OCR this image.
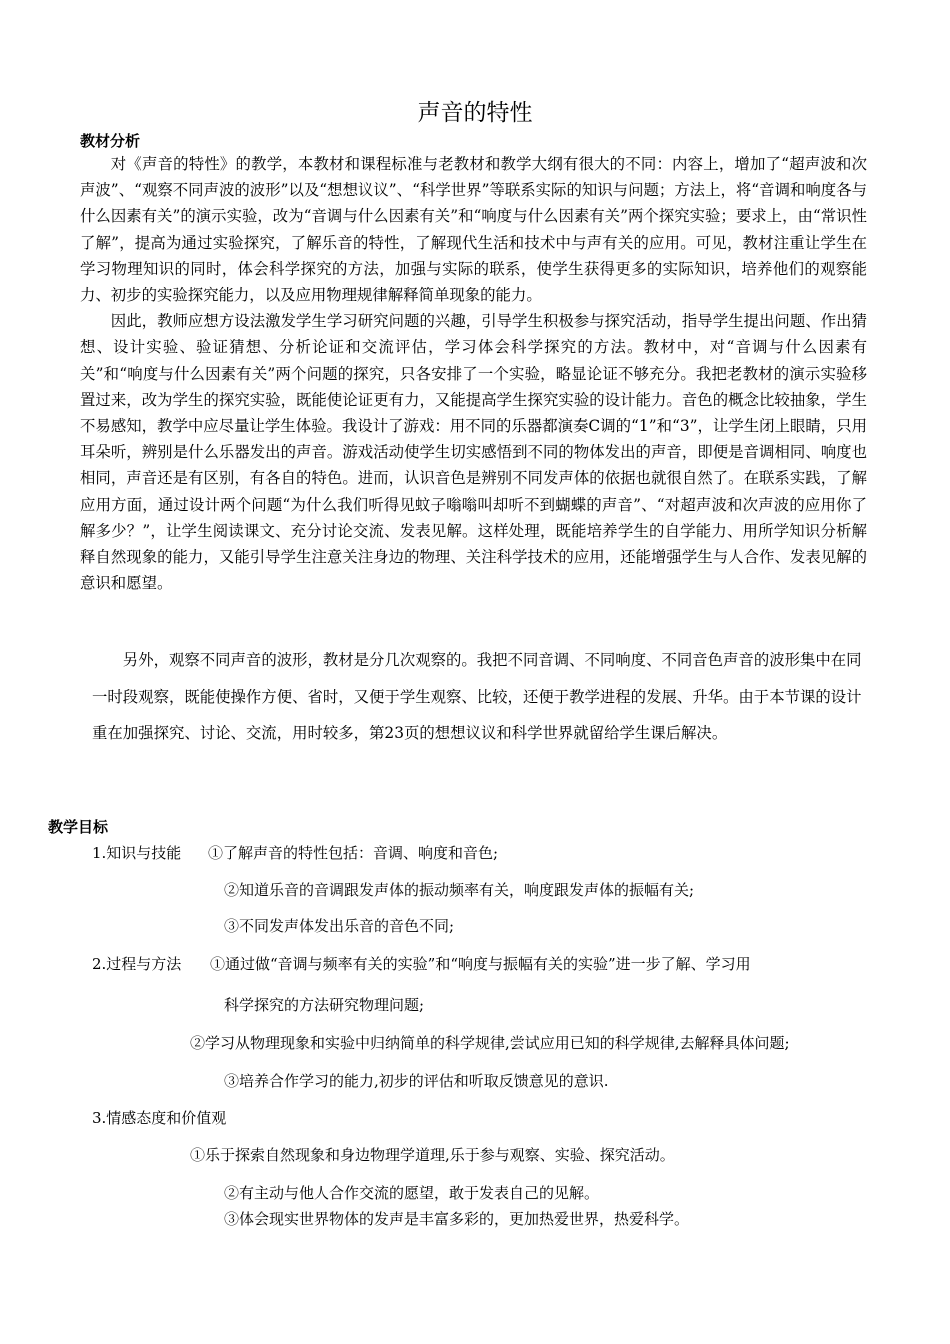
声音的特性
教材分析

对《声音的特性》的教学，本教材和课程标准与老教材和教学大纲有很大的不同：内容上，增加了“超声波和次声波”、“观察不同声波的波形”以及“想想议议”、“科学世界”等联系实际的知识与问题；方法上，将“音调和响度各与什么因素有关”的演示实验，改为“音调与什么因素有关”和“响度与什么因素有关”两个探究实验；要求上，由“常识性了解”，提高为通过实验探究，了解乐音的特性，了解现代生活和技术中与声有关的应用。可见，教材注重让学生在学习物理知识的同时，体会科学探究的方法，加强与实际的联系，使学生获得更多的实际知识，培养他们的观察能力、初步的实验探究能力，以及应用物理规律解释简单现象的能力。

因此，教师应想方设法激发学生学习研究问题的兴趣，引导学生积极参与探究活动，指导学生提出问题、作出猜想、设计实验、验证猜想、分析论证和交流评估，学习体会科学探究的方法。教材中，对“音调与什么因素有关”和“响度与什么因素有关”两个问题的探究，只各安排了一个实验，略显论证不够充分。我把老教材的演示实验移置过来，改为学生的探究实验，既能使论证更有力，又能提高学生探究实验的设计能力。音色的概念比较抽象，学生不易感知，教学中应尽量让学生体验。我设计了游戏：用不同的乐器都演奏C调的“1”和“3”，让学生闭上眼睛，只用耳朵听，辨别是什么乐器发出的声音。游戏活动使学生切实感悟到不同的物体发出的声音，即便是音调相同、响度也相同，声音还是有区别，有各自的特色。进而，认识音色是辨别不同发声体的依据也就很自然了。在联系实践，了解应用方面，通过设计两个问题“为什么我们听得见蚊子嗡嗡叫却听不到蝴蝶的声音”、“对超声波和次声波的应用你了解多少？”，让学生阅读课文、充分讨论交流、发表见解。这样处理，既能培养学生的自学能力、用所学知识分析解释自然现象的能力，又能引导学生注意关注身边的物理、关注科学技术的应用，还能增强学生与人合作、发表见解的意识和愿望。

另外，观察不同声音的波形，教材是分几次观察的。我把不同音调、不同响度、不同音色声音的波形集中在同一时段观察，既能使操作方便、省时，又便于学生观察、比较，还便于教学进程的发展、升华。由于本节课的设计重在加强探究、讨论、交流，用时较多，第23页的想想议议和科学世界就留给学生课后解决。

教学目标
1.知识与技能 ①了解声音的特性包括：音调、响度和音色;
②知道乐音的音调跟发声体的振动频率有关，响度跟发声体的振幅有关;
③不同发声体发出乐音的音色不同;
2.过程与方法 ①通过做“音调与频率有关的实验”和“响度与振幅有关的实验”进一步了解、学习用
科学探究的方法研究物理问题;
②学习从物理现象和实验中归纳简单的科学规律,尝试应用已知的科学规律,去解释具体问题;
③培养合作学习的能力,初步的评估和听取反馈意见的意识.
3.情感态度和价值观
①乐于探索自然现象和身边物理学道理,乐于参与观察、实验、探究活动。
②有主动与他人合作交流的愿望，敢于发表自己的见解。
③体会现实世界物体的发声是丰富多彩的，更加热爱世界，热爱科学。
